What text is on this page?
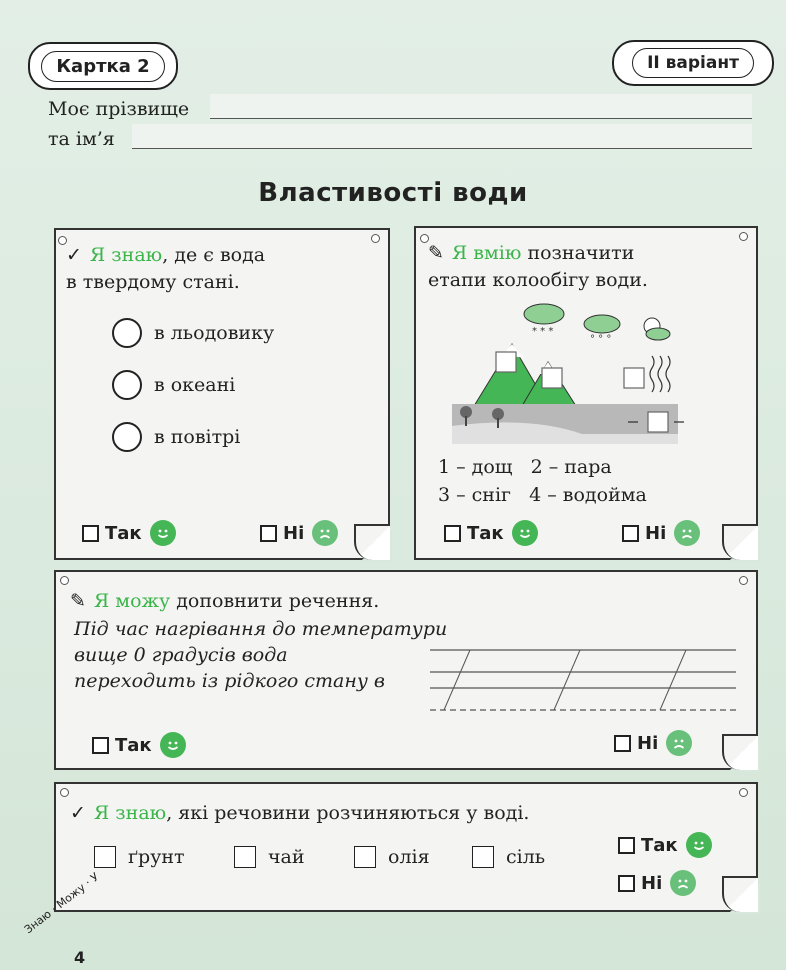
Картка 2	ІІ варіант
Моє прізвище
та ім’я
Властивості води
✓ Я знаю, де є вода
в твердому стані.
в льодовику
в океані
в повітрі
Так	Ні
✎ Я вмію позначити
етапи колообігу води.
* * *
° ° °
1 – дощ   2 – пара
3 – сніг   4 – водойма
Так	Ні
✎ Я можу доповнити речення.
Під час нагрівання до температури
вище 0 градусів вода
переходить із рідкого стану в
Так	Ні
✓ Я знаю, які речовини розчиняються у воді.
ґрунт	чай	олія	сіль
Так
Ні
Знаю · Можу · У
4
